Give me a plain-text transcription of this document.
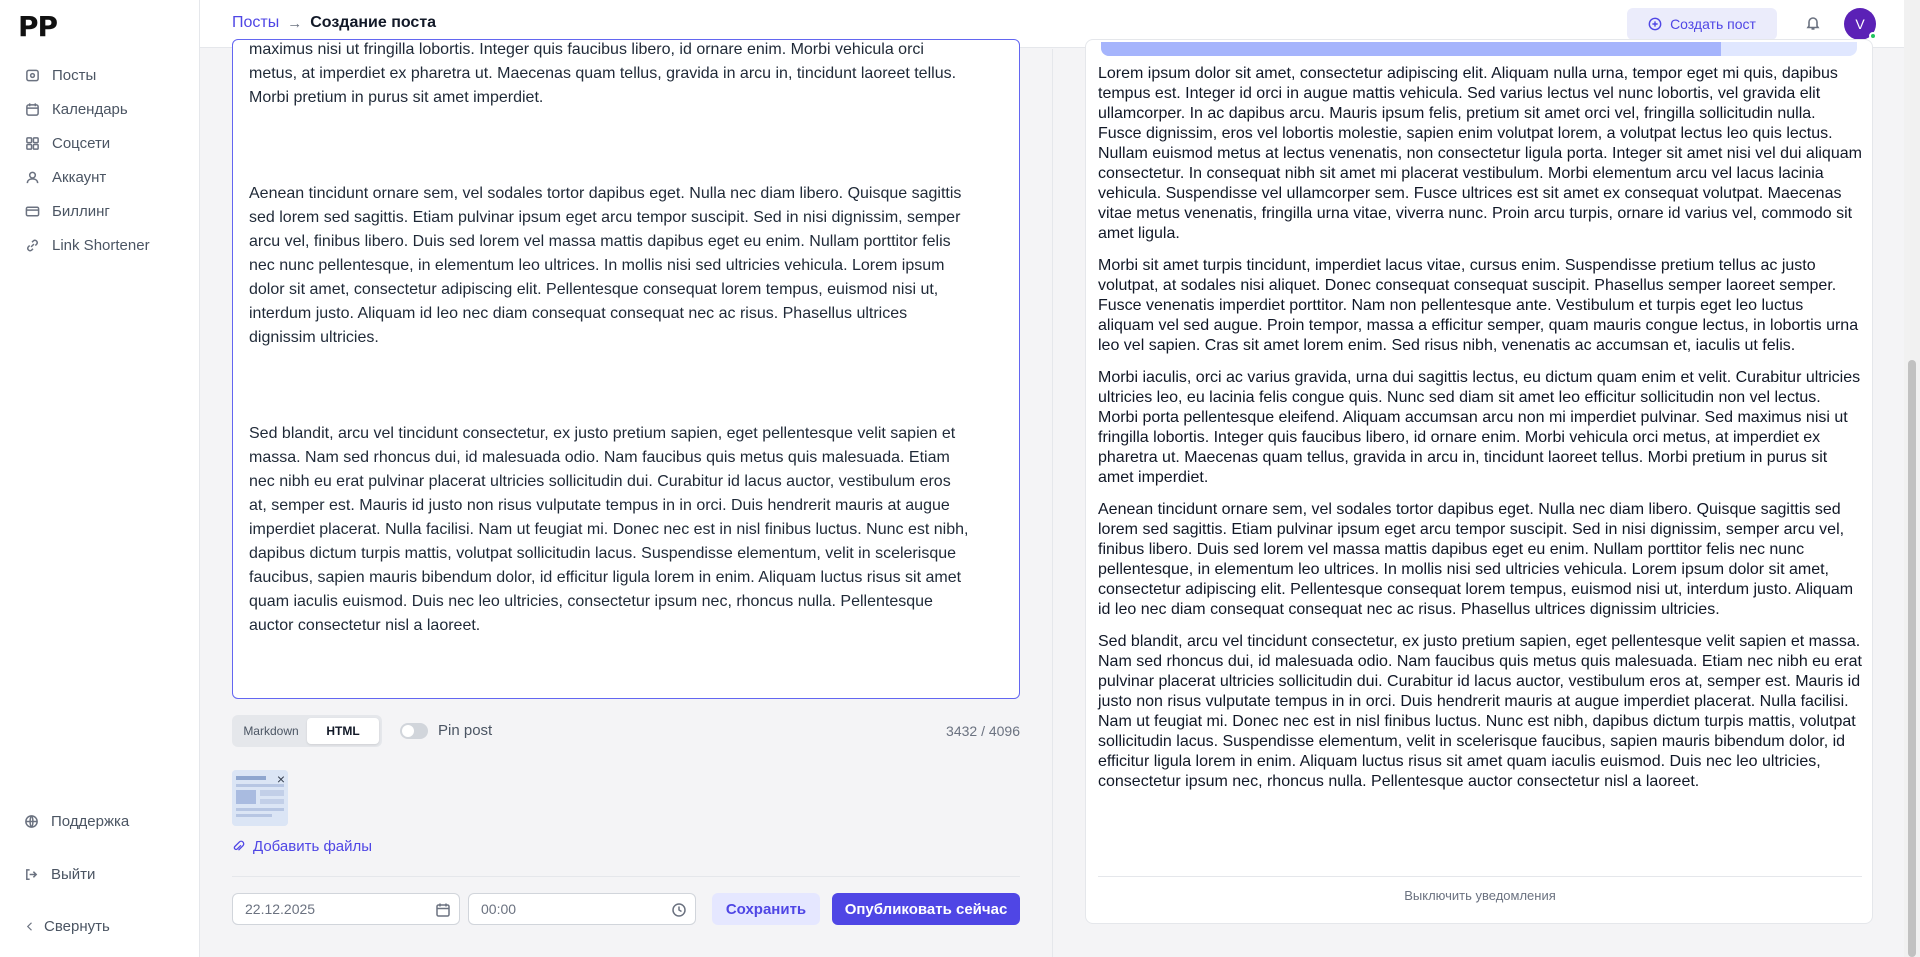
PP
Посты
Календарь
Соцсети
Аккаунт
Биллинг
Link Shortener
Поддержка
Выйти
Свернуть
Посты → Создание поста	Создать пост	V

maximus nisi ut fringilla lobortis. Integer quis faucibus libero, id ornare enim. Morbi vehicula orci metus, at imperdiet ex pharetra ut. Maecenas quam tellus, gravida in arcu in, tincidunt laoreet tellus. Morbi pretium in purus sit amet imperdiet.

Aenean tincidunt ornare sem, vel sodales tortor dapibus eget. Nulla nec diam libero. Quisque sagittis sed lorem sed sagittis. Etiam pulvinar ipsum eget arcu tempor suscipit. Sed in nisi dignissim, semper arcu vel, finibus libero. Duis sed lorem vel massa mattis dapibus eget eu enim. Nullam porttitor felis nec nunc pellentesque, in elementum leo ultrices. In mollis nisi sed ultricies vehicula. Lorem ipsum dolor sit amet, consectetur adipiscing elit. Pellentesque consequat lorem tempus, euismod nisi ut, interdum justo. Aliquam id leo nec diam consequat consequat nec ac risus. Phasellus ultrices dignissim ultricies.

Sed blandit, arcu vel tincidunt consectetur, ex justo pretium sapien, eget pellentesque velit sapien et massa. Nam sed rhoncus dui, id malesuada odio. Nam faucibus quis metus quis malesuada. Etiam nec nibh eu erat pulvinar placerat ultricies sollicitudin dui. Curabitur id lacus auctor, vestibulum eros at, semper est. Mauris id justo non risus vulputate tempus in in orci. Duis hendrerit mauris at augue imperdiet placerat. Nulla facilisi. Nam ut feugiat mi. Donec nec est in nisl finibus luctus. Nunc est nibh, dapibus dictum turpis mattis, volutpat sollicitudin lacus. Suspendisse elementum, velit in scelerisque faucibus, sapien mauris bibendum dolor, id efficitur ligula lorem in enim. Aliquam luctus risus sit amet quam iaculis euismod. Duis nec leo ultricies, consectetur ipsum nec, rhoncus nulla. Pellentesque auctor consectetur nisl a laoreet.

Markdown	HTML	Pin post	3432 / 4096
×
Добавить файлы
22.12.2025	00:00	Сохранить	Опубликовать сейчас

Lorem ipsum dolor sit amet, consectetur adipiscing elit. Aliquam nulla urna, tempor eget mi quis, dapibus tempus est. Integer id orci in augue mattis vehicula. Sed varius lectus vel nunc lobortis, vel gravida elit ullamcorper. In ac dapibus arcu. Mauris ipsum felis, pretium sit amet orci vel, fringilla sollicitudin nulla. Fusce dignissim, eros vel lobortis molestie, sapien enim volutpat lorem, a volutpat lectus leo quis lectus. Nullam euismod metus at lectus venenatis, non consectetur ligula porta. Integer sit amet nisi vel dui aliquam consectetur. In consequat nibh sit amet mi placerat vestibulum. Morbi elementum arcu vel lacus lacinia vehicula. Suspendisse vel ullamcorper sem. Fusce ultrices est sit amet ex consequat volutpat. Maecenas vitae metus venenatis, fringilla urna vitae, viverra nunc. Proin arcu turpis, ornare id varius vel, commodo sit amet ligula.

Morbi sit amet turpis tincidunt, imperdiet lacus vitae, cursus enim. Suspendisse pretium tellus ac justo volutpat, at sodales nisi aliquet. Donec consequat consequat suscipit. Phasellus semper laoreet semper. Fusce venenatis imperdiet porttitor. Nam non pellentesque ante. Vestibulum et turpis eget leo luctus aliquam vel sed augue. Proin tempor, massa a efficitur semper, quam mauris congue lectus, in lobortis urna leo vel sapien. Cras sit amet lorem enim. Sed risus nibh, venenatis ac accumsan et, iaculis ut felis.

Morbi iaculis, orci ac varius gravida, urna dui sagittis lectus, eu dictum quam enim et velit. Curabitur ultricies ultricies leo, eu lacinia felis congue quis. Nunc sed diam sit amet leo efficitur sollicitudin non vel lectus. Morbi porta pellentesque eleifend. Aliquam accumsan arcu non mi imperdiet pulvinar. Sed maximus nisi ut fringilla lobortis. Integer quis faucibus libero, id ornare enim. Morbi vehicula orci metus, at imperdiet ex pharetra ut. Maecenas quam tellus, gravida in arcu in, tincidunt laoreet tellus. Morbi pretium in purus sit amet imperdiet.

Aenean tincidunt ornare sem, vel sodales tortor dapibus eget. Nulla nec diam libero. Quisque sagittis sed lorem sed sagittis. Etiam pulvinar ipsum eget arcu tempor suscipit. Sed in nisi dignissim, semper arcu vel, finibus libero. Duis sed lorem vel massa mattis dapibus eget eu enim. Nullam porttitor felis nec nunc pellentesque, in elementum leo ultrices. In mollis nisi sed ultricies vehicula. Lorem ipsum dolor sit amet, consectetur adipiscing elit. Pellentesque consequat lorem tempus, euismod nisi ut, interdum justo. Aliquam id leo nec diam consequat consequat nec ac risus. Phasellus ultrices dignissim ultricies.

Sed blandit, arcu vel tincidunt consectetur, ex justo pretium sapien, eget pellentesque velit sapien et massa. Nam sed rhoncus dui, id malesuada odio. Nam faucibus quis metus quis malesuada. Etiam nec nibh eu erat pulvinar placerat ultricies sollicitudin dui. Curabitur id lacus auctor, vestibulum eros at, semper est. Mauris id justo non risus vulputate tempus in in orci. Duis hendrerit mauris at augue imperdiet placerat. Nulla facilisi. Nam ut feugiat mi. Donec nec est in nisl finibus luctus. Nunc est nibh, dapibus dictum turpis mattis, volutpat sollicitudin lacus. Suspendisse elementum, velit in scelerisque faucibus, sapien mauris bibendum dolor, id efficitur ligula lorem in enim. Aliquam luctus risus sit amet quam iaculis euismod. Duis nec leo ultricies, consectetur ipsum nec, rhoncus nulla. Pellentesque auctor consectetur nisl a laoreet.

Выключить уведомления
